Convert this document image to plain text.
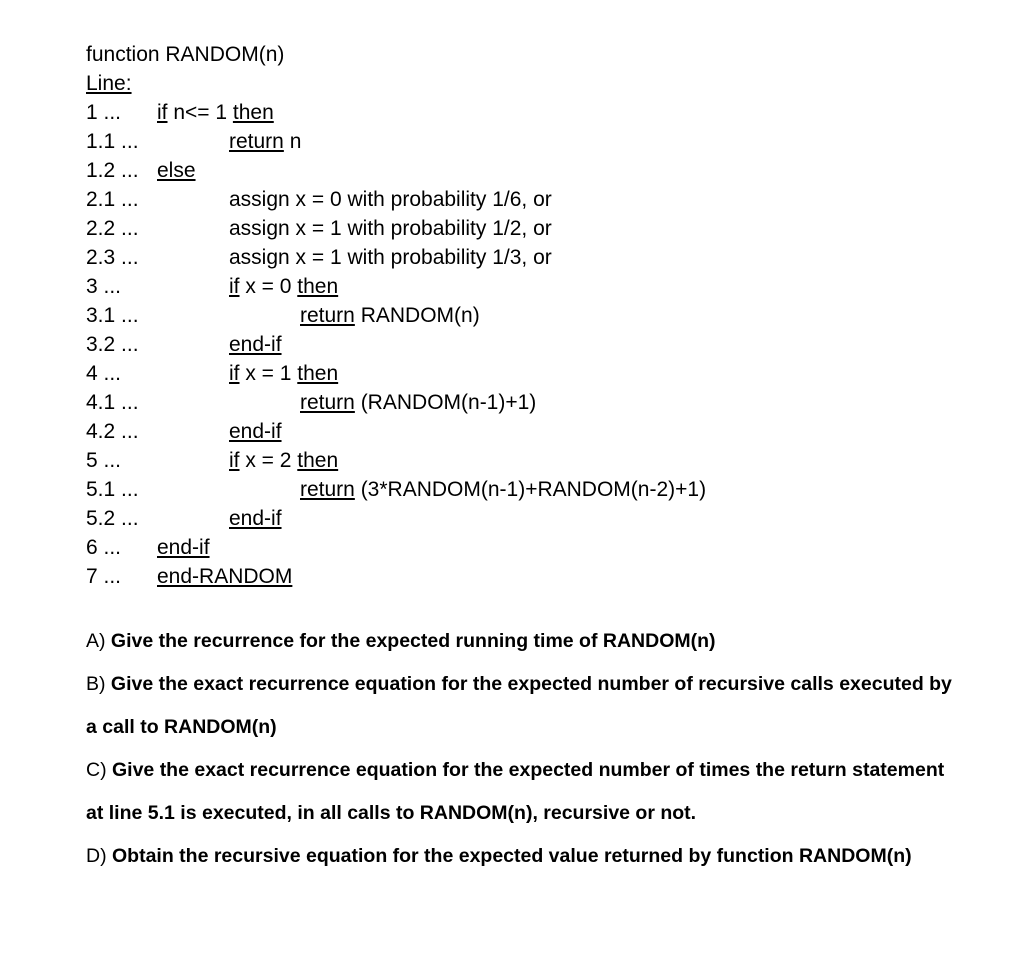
function RANDOM(n)
Line:
1 ... if n<= 1 then
1.1 ...	return n
1.2 ... else
2.1 ...	assign x = 0 with probability 1/6, or
2.2 ...	assign x = 1 with probability 1/2, or
2.3 ...	assign x = 1 with probability 1/3, or
3 ...	if x = 0 then
3.1 ...	return RANDOM(n)
3.2 ...	end-if
4 ...	if x = 1 then
4.1 ...	return (RANDOM(n-1)+1)
4.2 ...	end-if
5 ...	if x = 2 then
5.1 ...	return (3*RANDOM(n-1)+RANDOM(n-2)+1)
5.2 ...	end-if
6 ... end-if
7 ... end-RANDOM
A) Give the recurrence for the expected running time of RANDOM(n)
B) Give the exact recurrence equation for the expected number of recursive calls executed by
a call to RANDOM(n)
C) Give the exact recurrence equation for the expected number of times the return statement
at line 5.1 is executed, in all calls to RANDOM(n), recursive or not.
D) Obtain the recursive equation for the expected value returned by function RANDOM(n)
